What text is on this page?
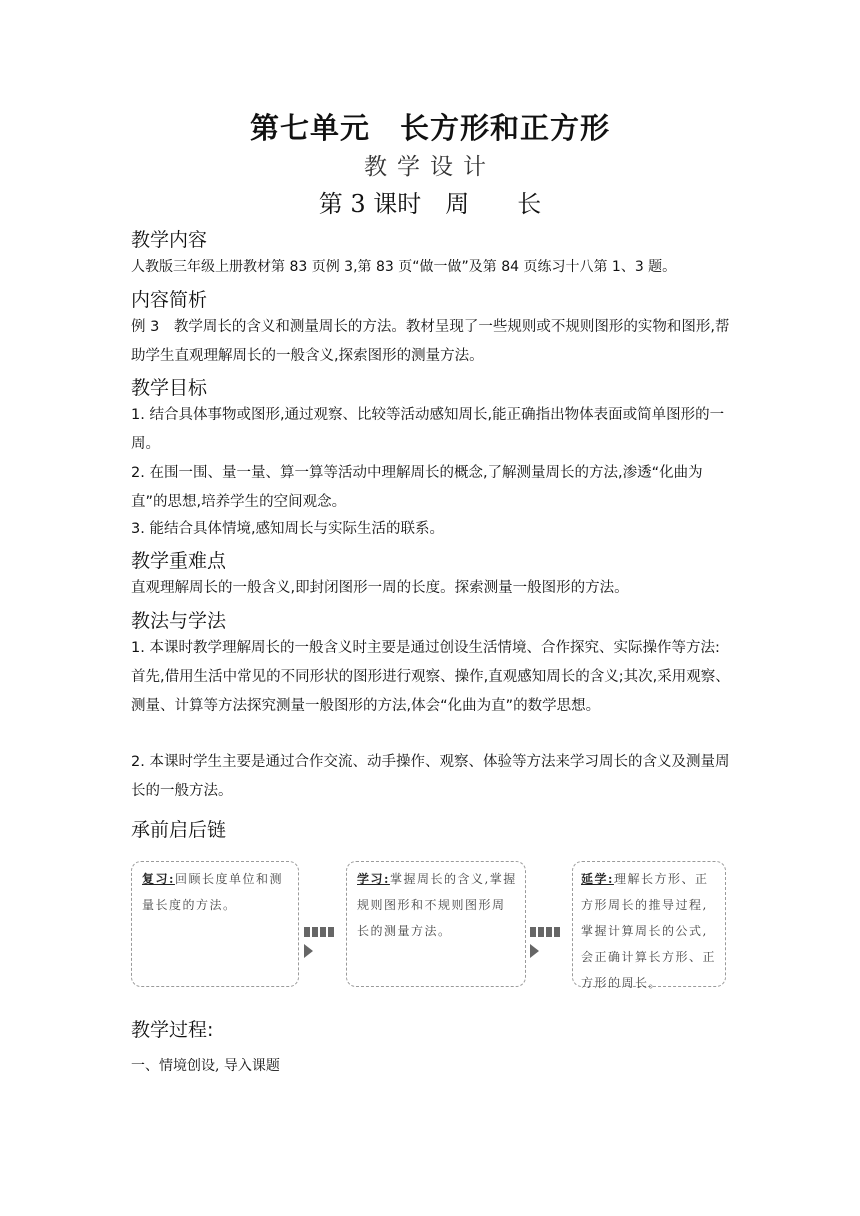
第七单元　长方形和正方形
教学设计
第 3 课时　周　　长
教学内容
人教版三年级上册教材第 83 页例 3,第 83 页“做一做”及第 84 页练习十八第 1、3 题。
内容简析
例 3　教学周长的含义和测量周长的方法。教材呈现了一些规则或不规则图形的实物和图形,帮助学生直观理解周长的一般含义,探索图形的测量方法。
教学目标
1. 结合具体事物或图形,通过观察、比较等活动感知周长,能正确指出物体表面或简单图形的一周。
2. 在围一围、量一量、算一算等活动中理解周长的概念,了解测量周长的方法,渗透“化曲为直”的思想,培养学生的空间观念。
3. 能结合具体情境,感知周长与实际生活的联系。
教学重难点
直观理解周长的一般含义,即封闭图形一周的长度。探索测量一般图形的方法。
教法与学法
1. 本课时教学理解周长的一般含义时主要是通过创设生活情境、合作探究、实际操作等方法:首先,借用生活中常见的不同形状的图形进行观察、操作,直观感知周长的含义;其次,采用观察、测量、计算等方法探究测量一般图形的方法,体会“化曲为直”的数学思想。
2. 本课时学生主要是通过合作交流、动手操作、观察、体验等方法来学习周长的含义及测量周长的一般方法。
承前启后链
复习:回顾长度单位和测量长度的方法。
学习:掌握周长的含义,掌握规则图形和不规则图形周长的测量方法。
延学:理解长方形、正方形周长的推导过程,掌握计算周长的公式,会正确计算长方形、正方形的周长。
教学过程:
一、情境创设, 导入课题
